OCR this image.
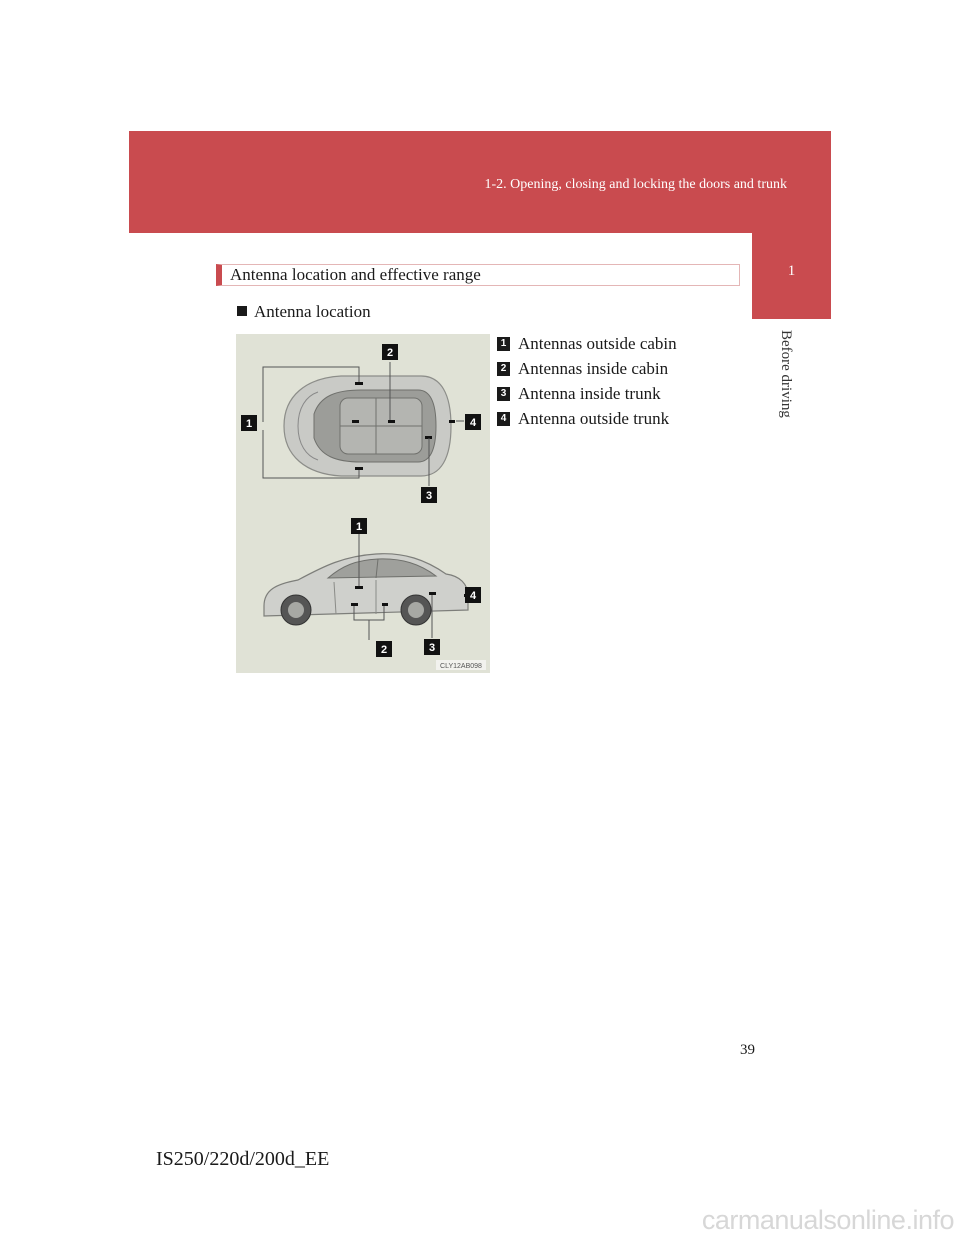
1-2. Opening, closing and locking the doors and trunk
1
Before driving
Antenna location and effective range
Antenna location
1
2
3
4
1
2	3
4
CLY12AB098
1 Antennas outside cabin
2 Antennas inside cabin
3 Antenna inside trunk
4 Antenna outside trunk
39
IS250/220d/200d_EE
carmanualsonline.info
